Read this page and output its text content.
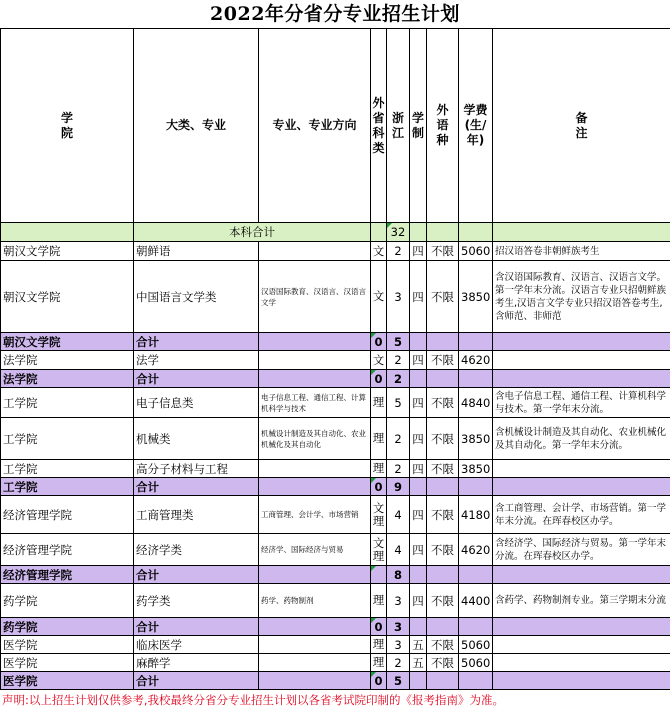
2022年分省分专业招生计划
学院	大类、专业	专业、专业方向	外省科类	浙江	学制	外语种	学费(生/年)	备注
	本科合计			32				
朝汉文学院	朝鲜语		文	2	四	不限	5060	招汉语答卷非朝鲜族考生
朝汉文学院	中国语言文学类	汉语国际教育、汉语言、汉语言文学	文	3	四	不限	3850	含汉语国际教育、汉语言、汉语言文学。第一学年末分流。汉语言专业只招朝鲜族考生,汉语言文学专业只招汉语答卷考生,含师范、非师范
朝汉文学院	合计		0	5				
法学院	法学		文	2	四	不限	4620	
法学院	合计		0	2				
工学院	电子信息类	电子信息工程、通信工程、计算机科学与技术	理	5	四	不限	4840	含电子信息工程、通信工程、计算机科学与技术。第一学年末分流。
工学院	机械类	机械设计制造及其自动化、农业机械化及其自动化	理	2	四	不限	3850	含机械设计制造及其自动化、农业机械化及其自动化。第一学年末分流。
工学院	高分子材料与工程		理	2	四	不限	3850	
工学院	合计		0	9				
经济管理学院	工商管理类	工商管理、会计学、市场营销	文理	4	四	不限	4180	含工商管理、会计学、市场营销。第一学年末分流。在珲春校区办学。
经济管理学院	经济学类	经济学、国际经济与贸易	文理	4	四	不限	4620	含经济学、国际经济与贸易。第一学年末分流。在珲春校区办学。
经济管理学院	合计			8				
药学院	药学类	药学、药物制剂	理	3	四	不限	4400	含药学、药物制剂专业。第三学期末分流
药学院	合计		0	3				
医学院	临床医学		理	3	五	不限	5060	
医学院	麻醉学		理	2	五	不限	5060	
医学院	合计		0	5				
声明:以上招生计划仅供参考,我校最终分省分专业招生计划以各省考试院印制的《报考指南》为准。
